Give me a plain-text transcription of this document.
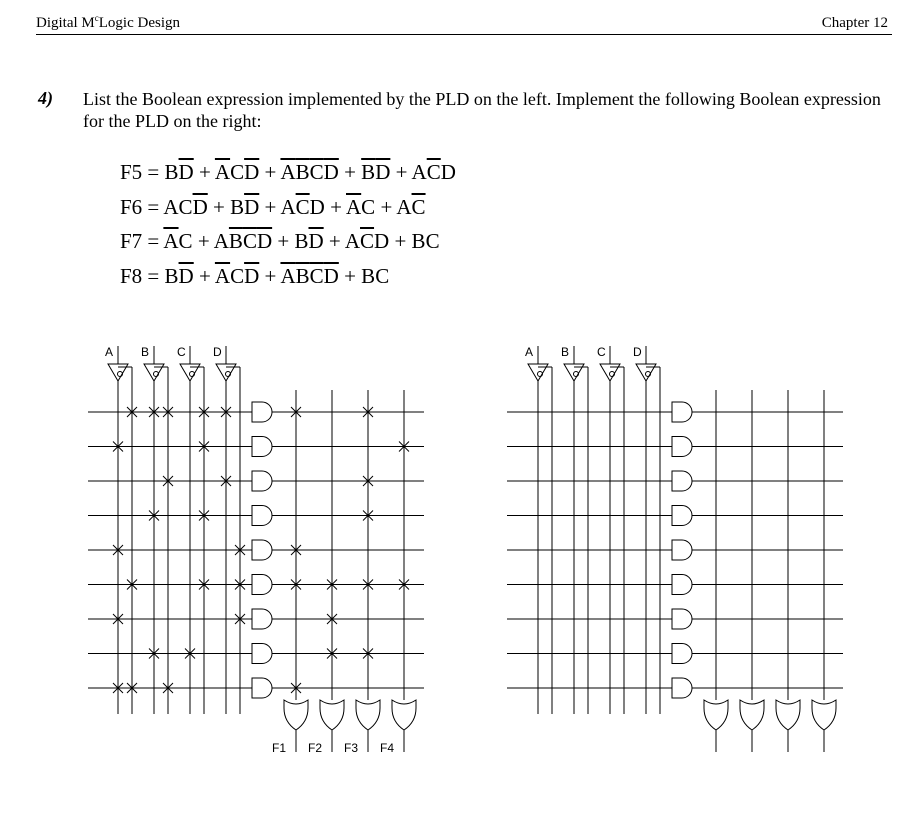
Digital $M^cLogic$ Design	Chapter 12
4) List the Boolean expression implemented by the PLD on the left. Implement the following Boolean expression for the PLD on the right:
$F5 = B\overline{D} + \overline{A}C\overline{D} + \overline{A}\overline{B}\overline{C}\overline{D} + \overline{B}\overline{D} + A\overline{C}D$
$F6 = AC\overline{D} + B\overline{D} + A\overline{C}D + \overline{A}C + A\overline{C}$
$F7 = \overline{A}C + A\overline{B}\overline{C}\overline{D} + B\overline{D} + A\overline{C}D$ + BC
$F8 = B\overline{D} + \overline{A}C\overline{D} + \overline{A}\overline{B}\overline{C}\overline{D}$ + BC
A B C D
F1 F2 F3 F4
A B C D
